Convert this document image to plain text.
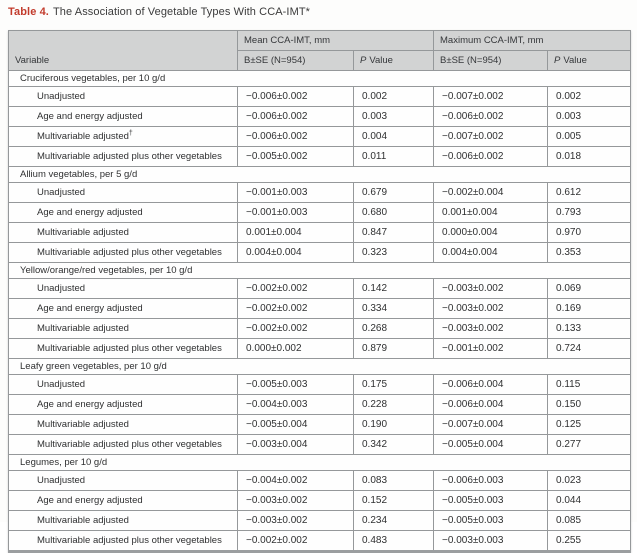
Table 4. The Association of Vegetable Types With CCA-IMT*
Variable	Mean CCA-IMT, mm		Maximum CCA-IMT, mm	
	B±SE (N=954)	P Value	B±SE (N=954)	P Value
Cruciferous vegetables, per 10 g/d				
Unadjusted	−0.006±0.002	0.002	−0.007±0.002	0.002
Age and energy adjusted	−0.006±0.002	0.003	−0.006±0.002	0.003
Multivariable adjusted†	−0.006±0.002	0.004	−0.007±0.002	0.005
Multivariable adjusted plus other vegetables	−0.005±0.002	0.011	−0.006±0.002	0.018
Allium vegetables, per 5 g/d				
Unadjusted	−0.001±0.003	0.679	−0.002±0.004	0.612
Age and energy adjusted	−0.001±0.003	0.680	0.001±0.004	0.793
Multivariable adjusted	0.001±0.004	0.847	0.000±0.004	0.970
Multivariable adjusted plus other vegetables	0.004±0.004	0.323	0.004±0.004	0.353
Yellow/orange/red vegetables, per 10 g/d				
Unadjusted	−0.002±0.002	0.142	−0.003±0.002	0.069
Age and energy adjusted	−0.002±0.002	0.334	−0.003±0.002	0.169
Multivariable adjusted	−0.002±0.002	0.268	−0.003±0.002	0.133
Multivariable adjusted plus other vegetables	0.000±0.002	0.879	−0.001±0.002	0.724
Leafy green vegetables, per 10 g/d				
Unadjusted	−0.005±0.003	0.175	−0.006±0.004	0.115
Age and energy adjusted	−0.004±0.003	0.228	−0.006±0.004	0.150
Multivariable adjusted	−0.005±0.004	0.190	−0.007±0.004	0.125
Multivariable adjusted plus other vegetables	−0.003±0.004	0.342	−0.005±0.004	0.277
Legumes, per 10 g/d				
Unadjusted	−0.004±0.002	0.083	−0.006±0.003	0.023
Age and energy adjusted	−0.003±0.002	0.152	−0.005±0.003	0.044
Multivariable adjusted	−0.003±0.002	0.234	−0.005±0.003	0.085
Multivariable adjusted plus other vegetables	−0.002±0.002	0.483	−0.003±0.003	0.255
